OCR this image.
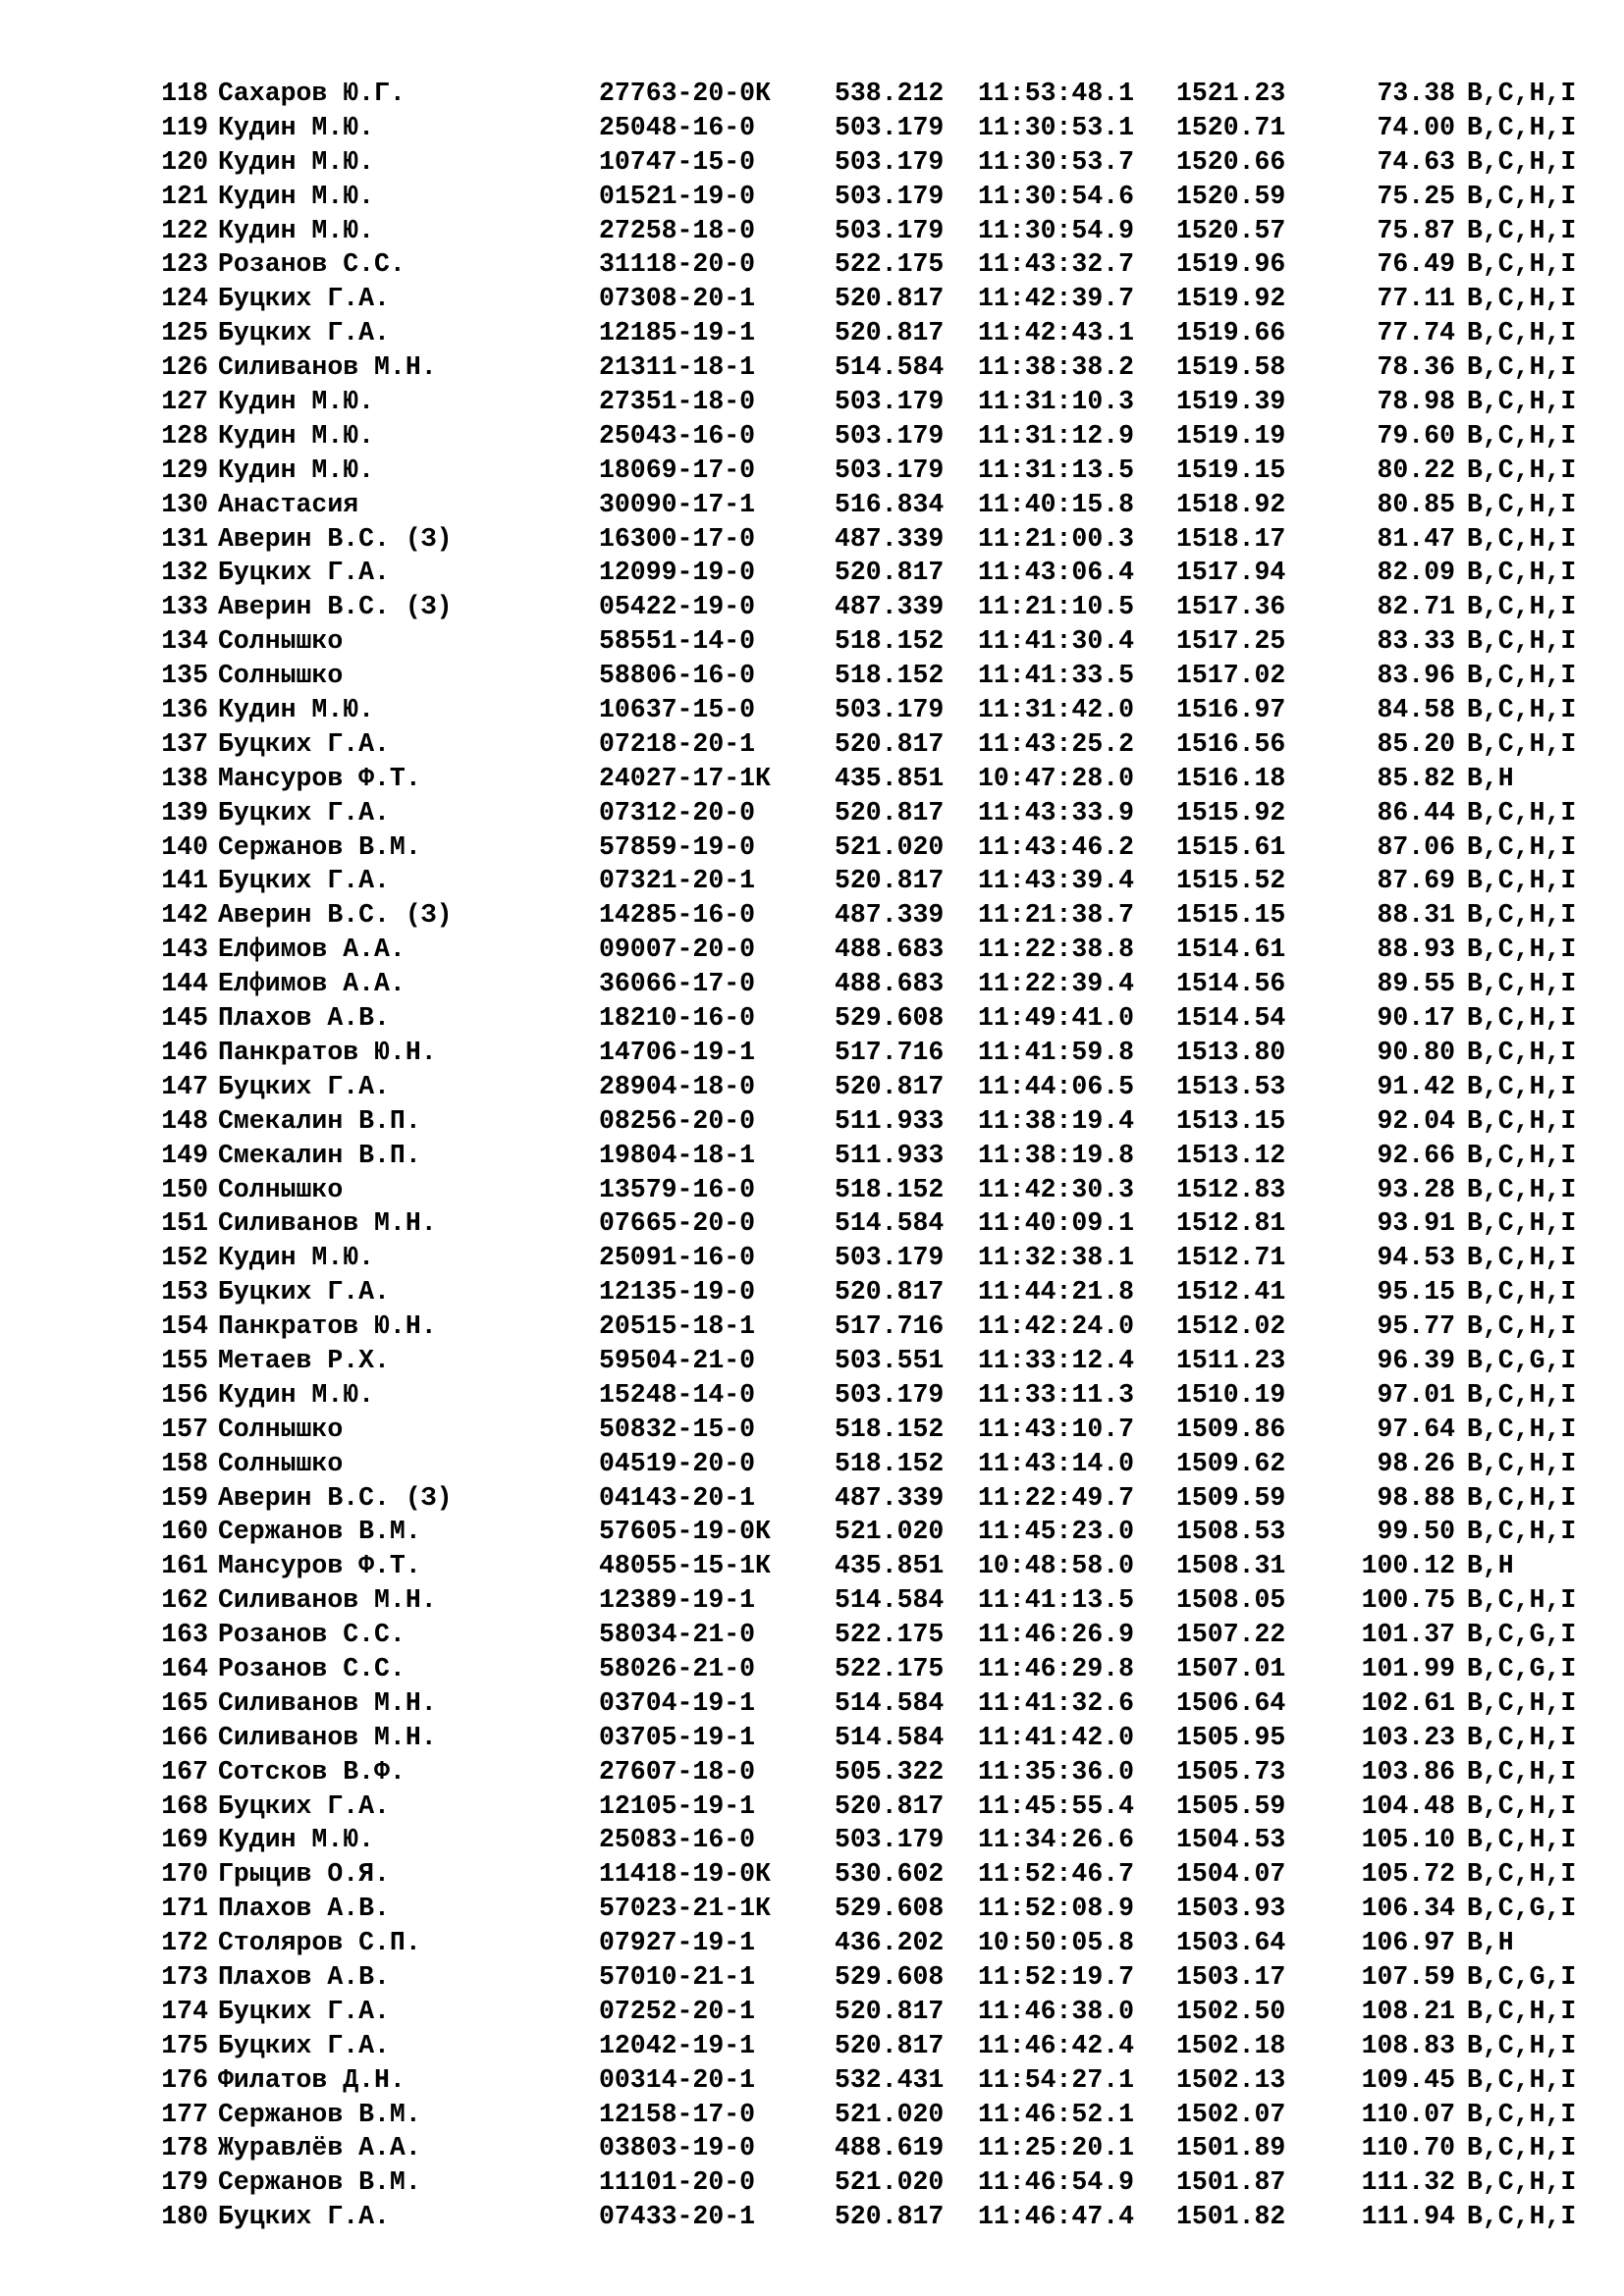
118 Сахаров Ю.Г.	27763-20-0К 538.212 11:53:48.1 1521.23	73.38 B,C,H,I
119 Кудин М.Ю.	25048-16-0	503.179 11:30:53.1 1520.71	74.00 B,C,H,I
120 Кудин М.Ю.	10747-15-0	503.179 11:30:53.7 1520.66	74.63 B,C,H,I
121 Кудин М.Ю.	01521-19-0	503.179 11:30:54.6 1520.59	75.25 B,C,H,I
122 Кудин М.Ю.	27258-18-0	503.179 11:30:54.9 1520.57	75.87 B,C,H,I
123 Розанов С.С.	31118-20-0	522.175 11:43:32.7 1519.96	76.49 B,C,H,I
124 Буцких Г.А.	07308-20-1	520.817 11:42:39.7 1519.92	77.11 B,C,H,I
125 Буцких Г.А.	12185-19-1	520.817 11:42:43.1 1519.66	77.74 B,C,H,I
126 Силиванов М.Н.	21311-18-1	514.584 11:38:38.2 1519.58	78.36 B,C,H,I
127 Кудин М.Ю.	27351-18-0	503.179 11:31:10.3 1519.39	78.98 B,C,H,I
128 Кудин М.Ю.	25043-16-0	503.179 11:31:12.9 1519.19	79.60 B,C,H,I
129 Кудин М.Ю.	18069-17-0	503.179 11:31:13.5 1519.15	80.22 B,C,H,I
130 Анастасия	30090-17-1	516.834 11:40:15.8 1518.92	80.85 B,C,H,I
131 Аверин В.С. (З)	16300-17-0	487.339 11:21:00.3 1518.17	81.47 B,C,H,I
132 Буцких Г.А.	12099-19-0	520.817 11:43:06.4 1517.94	82.09 B,C,H,I
133 Аверин В.С. (З)	05422-19-0	487.339 11:21:10.5 1517.36	82.71 B,C,H,I
134 Солнышко	58551-14-0	518.152 11:41:30.4 1517.25	83.33 B,C,H,I
135 Солнышко	58806-16-0	518.152 11:41:33.5 1517.02	83.96 B,C,H,I
136 Кудин М.Ю.	10637-15-0	503.179 11:31:42.0 1516.97	84.58 B,C,H,I
137 Буцких Г.А.	07218-20-1	520.817 11:43:25.2 1516.56	85.20 B,C,H,I
138 Мансуров Ф.Т.	24027-17-1К 435.851 10:47:28.0 1516.18	85.82 B,H
139 Буцких Г.А.	07312-20-0	520.817 11:43:33.9 1515.92	86.44 B,C,H,I
140 Сержанов В.М.	57859-19-0	521.020 11:43:46.2 1515.61	87.06 B,C,H,I
141 Буцких Г.А.	07321-20-1	520.817 11:43:39.4 1515.52	87.69 B,C,H,I
142 Аверин В.С. (З)	14285-16-0	487.339 11:21:38.7 1515.15	88.31 B,C,H,I
143 Елфимов А.А.	09007-20-0	488.683 11:22:38.8 1514.61	88.93 B,C,H,I
144 Елфимов А.А.	36066-17-0	488.683 11:22:39.4 1514.56	89.55 B,C,H,I
145 Плахов А.В.	18210-16-0	529.608 11:49:41.0 1514.54	90.17 B,C,H,I
146 Панкратов Ю.Н.	14706-19-1	517.716 11:41:59.8 1513.80	90.80 B,C,H,I
147 Буцких Г.А.	28904-18-0	520.817 11:44:06.5 1513.53	91.42 B,C,H,I
148 Смекалин В.П.	08256-20-0	511.933 11:38:19.4 1513.15	92.04 B,C,H,I
149 Смекалин В.П.	19804-18-1	511.933 11:38:19.8 1513.12	92.66 B,C,H,I
150 Солнышко	13579-16-0	518.152 11:42:30.3 1512.83	93.28 B,C,H,I
151 Силиванов М.Н.	07665-20-0	514.584 11:40:09.1 1512.81	93.91 B,C,H,I
152 Кудин М.Ю.	25091-16-0	503.179 11:32:38.1 1512.71	94.53 B,C,H,I
153 Буцких Г.А.	12135-19-0	520.817 11:44:21.8 1512.41	95.15 B,C,H,I
154 Панкратов Ю.Н.	20515-18-1	517.716 11:42:24.0 1512.02	95.77 B,C,H,I
155 Метаев Р.Х.	59504-21-0	503.551 11:33:12.4 1511.23	96.39 B,C,G,I
156 Кудин М.Ю.	15248-14-0	503.179 11:33:11.3 1510.19	97.01 B,C,H,I
157 Солнышко	50832-15-0	518.152 11:43:10.7 1509.86	97.64 B,C,H,I
158 Солнышко	04519-20-0	518.152 11:43:14.0 1509.62	98.26 B,C,H,I
159 Аверин В.С. (З)	04143-20-1	487.339 11:22:49.7 1509.59	98.88 B,C,H,I
160 Сержанов В.М.	57605-19-0К 521.020 11:45:23.0 1508.53	99.50 B,C,H,I
161 Мансуров Ф.Т.	48055-15-1К 435.851 10:48:58.0 1508.31	100.12 B,H
162 Силиванов М.Н.	12389-19-1	514.584 11:41:13.5 1508.05	100.75 B,C,H,I
163 Розанов С.С.	58034-21-0	522.175 11:46:26.9 1507.22	101.37 B,C,G,I
164 Розанов С.С.	58026-21-0	522.175 11:46:29.8 1507.01	101.99 B,C,G,I
165 Силиванов М.Н.	03704-19-1	514.584 11:41:32.6 1506.64	102.61 B,C,H,I
166 Силиванов М.Н.	03705-19-1	514.584 11:41:42.0 1505.95	103.23 B,C,H,I
167 Сотсков В.Ф.	27607-18-0	505.322 11:35:36.0 1505.73	103.86 B,C,H,I
168 Буцких Г.А.	12105-19-1	520.817 11:45:55.4 1505.59	104.48 B,C,H,I
169 Кудин М.Ю.	25083-16-0	503.179 11:34:26.6 1504.53	105.10 B,C,H,I
170 Грыцив О.Я.	11418-19-0К 530.602 11:52:46.7 1504.07	105.72 B,C,H,I
171 Плахов А.В.	57023-21-1К 529.608 11:52:08.9 1503.93	106.34 B,C,G,I
172 Столяров С.П.	07927-19-1	436.202 10:50:05.8 1503.64	106.97 B,H
173 Плахов А.В.	57010-21-1	529.608 11:52:19.7 1503.17	107.59 B,C,G,I
174 Буцких Г.А.	07252-20-1	520.817 11:46:38.0 1502.50	108.21 B,C,H,I
175 Буцких Г.А.	12042-19-1	520.817 11:46:42.4 1502.18	108.83 B,C,H,I
176 Филатов Д.Н.	00314-20-1	532.431 11:54:27.1 1502.13	109.45 B,C,H,I
177 Сержанов В.М.	12158-17-0	521.020 11:46:52.1 1502.07	110.07 B,C,H,I
178 Журавлёв А.А.	03803-19-0	488.619 11:25:20.1 1501.89	110.70 B,C,H,I
179 Сержанов В.М.	11101-20-0	521.020 11:46:54.9 1501.87	111.32 B,C,H,I
180 Буцких Г.А.	07433-20-1	520.817 11:46:47.4 1501.82	111.94 B,C,H,I
